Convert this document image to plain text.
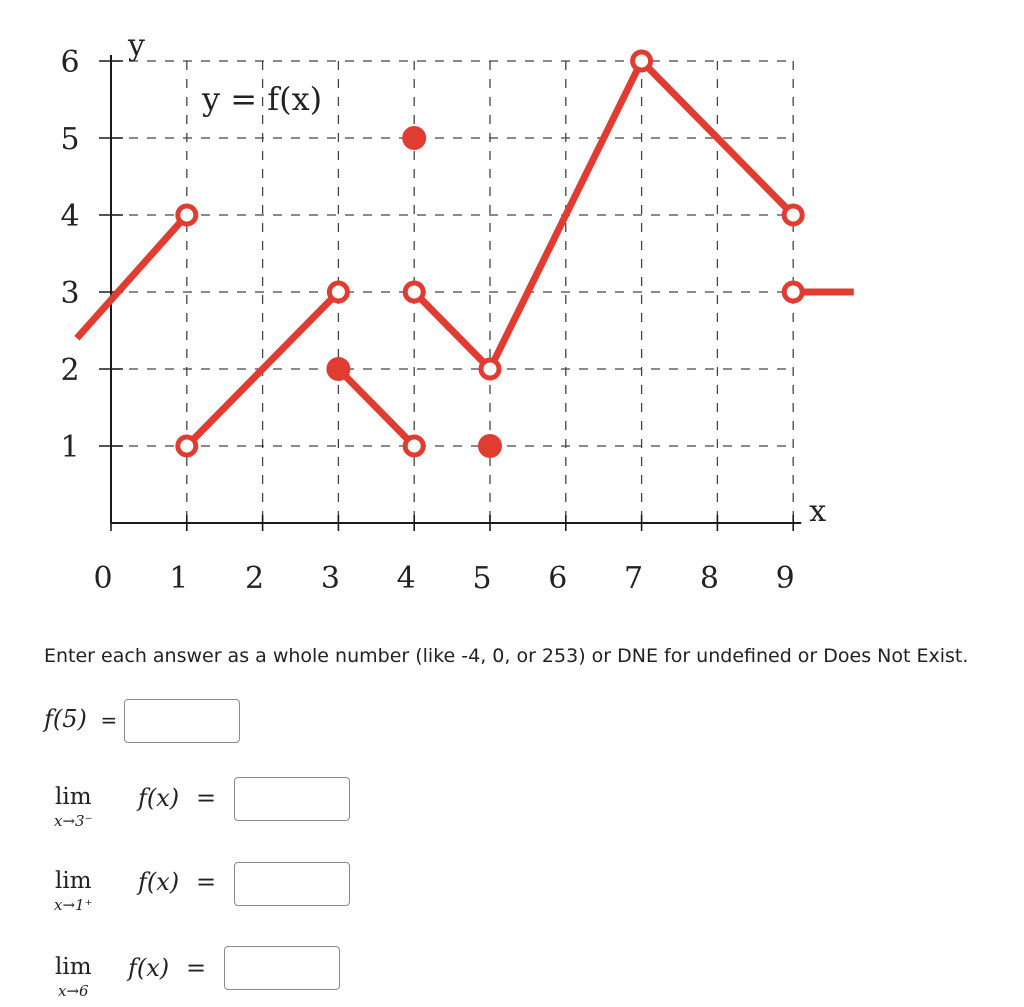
0 1 2 3 4 5 6 7 8 9
1
2
3
4
5
6 y
x
y = f(x)
Enter each answer as a whole number (like -4, 0, or 253) or DNE for undefined or Does Not Exist.
f(5) =
lim
x→3⁻
f(x) =
lim
x→1⁺
f(x) =
lim
x→6
f(x) =
